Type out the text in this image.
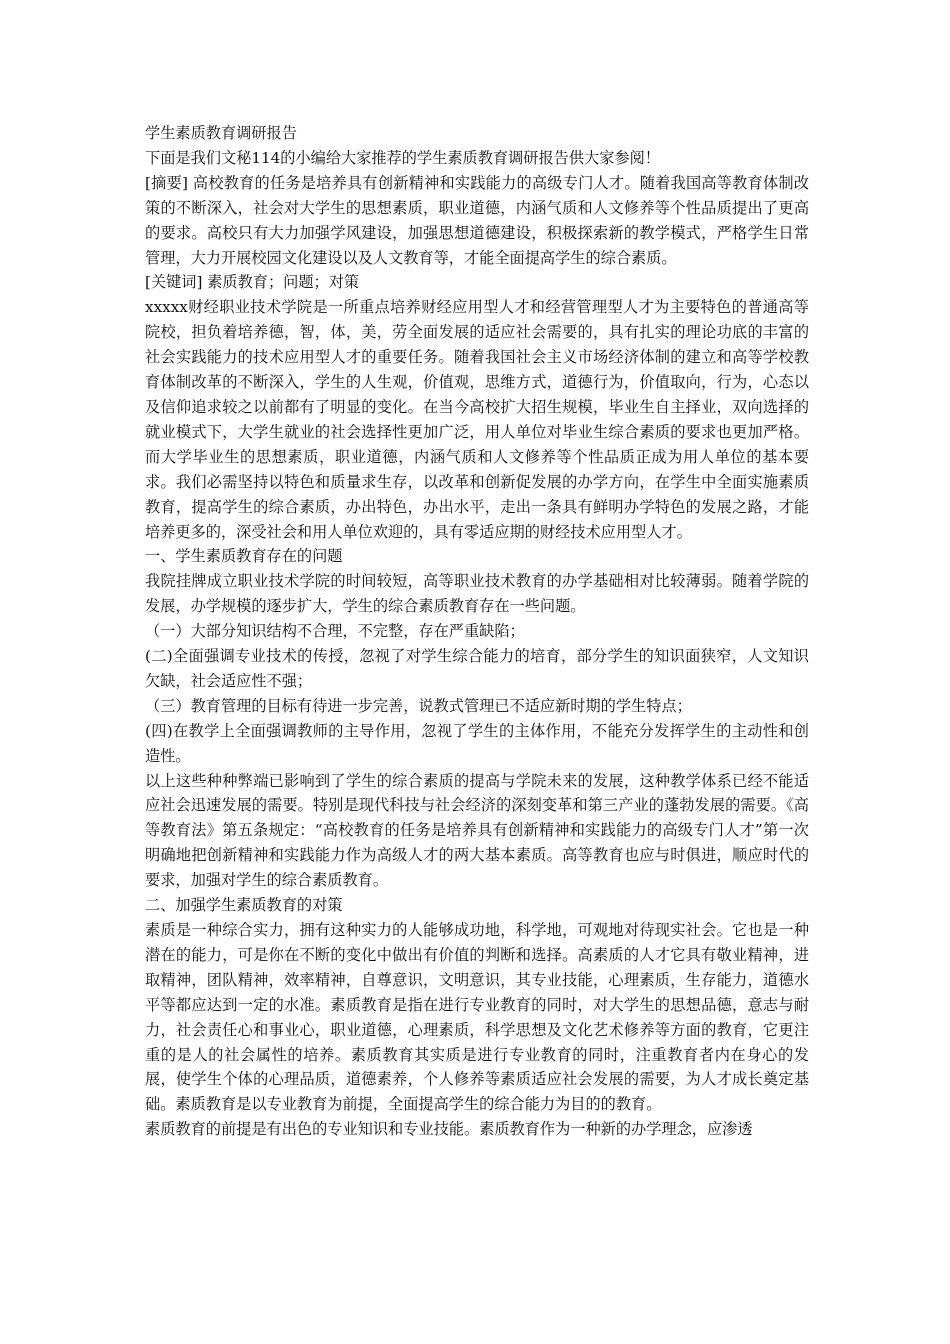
学生素质教育调研报告

下面是我们文秘114的小编给大家推荐的学生素质教育调研报告供大家参阅！

[摘要] 高校教育的任务是培养具有创新精神和实践能力的高级专门人才。随着我国高等教育体制改策的不断深入，社会对大学生的思想素质，职业道德，内涵气质和人文修养等个性品质提出了更高的要求。高校只有大力加强学风建设，加强思想道德建设，积极探索新的教学模式，严格学生日常管理，大力开展校园文化建设以及人文教育等，才能全面提高学生的综合素质。

[关键词] 素质教育；问题；对策

xxxxx财经职业技术学院是一所重点培养财经应用型人才和经营管理型人才为主要特色的普通高等院校，担负着培养德，智，体，美，劳全面发展的适应社会需要的，具有扎实的理论功底的丰富的社会实践能力的技术应用型人才的重要任务。随着我国社会主义市场经济体制的建立和高等学校教育体制改革的不断深入，学生的人生观，价值观，思维方式，道德行为，价值取向，行为，心态以及信仰追求较之以前都有了明显的变化。在当今高校扩大招生规模，毕业生自主择业，双向选择的就业模式下，大学生就业的社会选择性更加广泛，用人单位对毕业生综合素质的要求也更加严格。而大学毕业生的思想素质，职业道德，内涵气质和人文修养等个性品质正成为用人单位的基本要求。我们必需坚持以特色和质量求生存，以改革和创新促发展的办学方向，在学生中全面实施素质教育，提高学生的综合素质，办出特色，办出水平，走出一条具有鲜明办学特色的发展之路，才能培养更多的，深受社会和用人单位欢迎的，具有零适应期的财经技术应用型人才。

一、学生素质教育存在的问题

我院挂牌成立职业技术学院的时间较短，高等职业技术教育的办学基础相对比较薄弱。随着学院的发展，办学规模的逐步扩大，学生的综合素质教育存在一些问题。

（一）大部分知识结构不合理，不完整，存在严重缺陷；

(二)全面强调专业技术的传授，忽视了对学生综合能力的培育，部分学生的知识面狭窄，人文知识欠缺，社会适应性不强；

（三）教育管理的目标有待进一步完善，说教式管理已不适应新时期的学生特点；

(四)在教学上全面强调教师的主导作用，忽视了学生的主体作用，不能充分发挥学生的主动性和创造性。

以上这些种种弊端已影响到了学生的综合素质的提高与学院未来的发展，这种教学体系已经不能适应社会迅速发展的需要。特别是现代科技与社会经济的深刻变革和第三产业的蓬勃发展的需要。《高等教育法》第五条规定：“高校教育的任务是培养具有创新精神和实践能力的高级专门人才”第一次明确地把创新精神和实践能力作为高级人才的两大基本素质。高等教育也应与时俱进，顺应时代的要求，加强对学生的综合素质教育。

二、加强学生素质教育的对策

素质是一种综合实力，拥有这种实力的人能够成功地，科学地，可观地对待现实社会。它也是一种潜在的能力，可是你在不断的变化中做出有价值的判断和选择。高素质的人才它具有敬业精神，进取精神，团队精神，效率精神，自尊意识，文明意识，其专业技能，心理素质，生存能力，道德水平等都应达到一定的水准。素质教育是指在进行专业教育的同时，对大学生的思想品德，意志与耐力，社会责任心和事业心，职业道德，心理素质，科学思想及文化艺术修养等方面的教育，它更注重的是人的社会属性的培养。素质教育其实质是进行专业教育的同时，注重教育者内在身心的发展，使学生个体的心理品质，道德素养，个人修养等素质适应社会发展的需要，为人才成长奠定基础。素质教育是以专业教育为前提，全面提高学生的综合能力为目的的教育。

素质教育的前提是有出色的专业知识和专业技能。素质教育作为一种新的办学理念，应渗透
